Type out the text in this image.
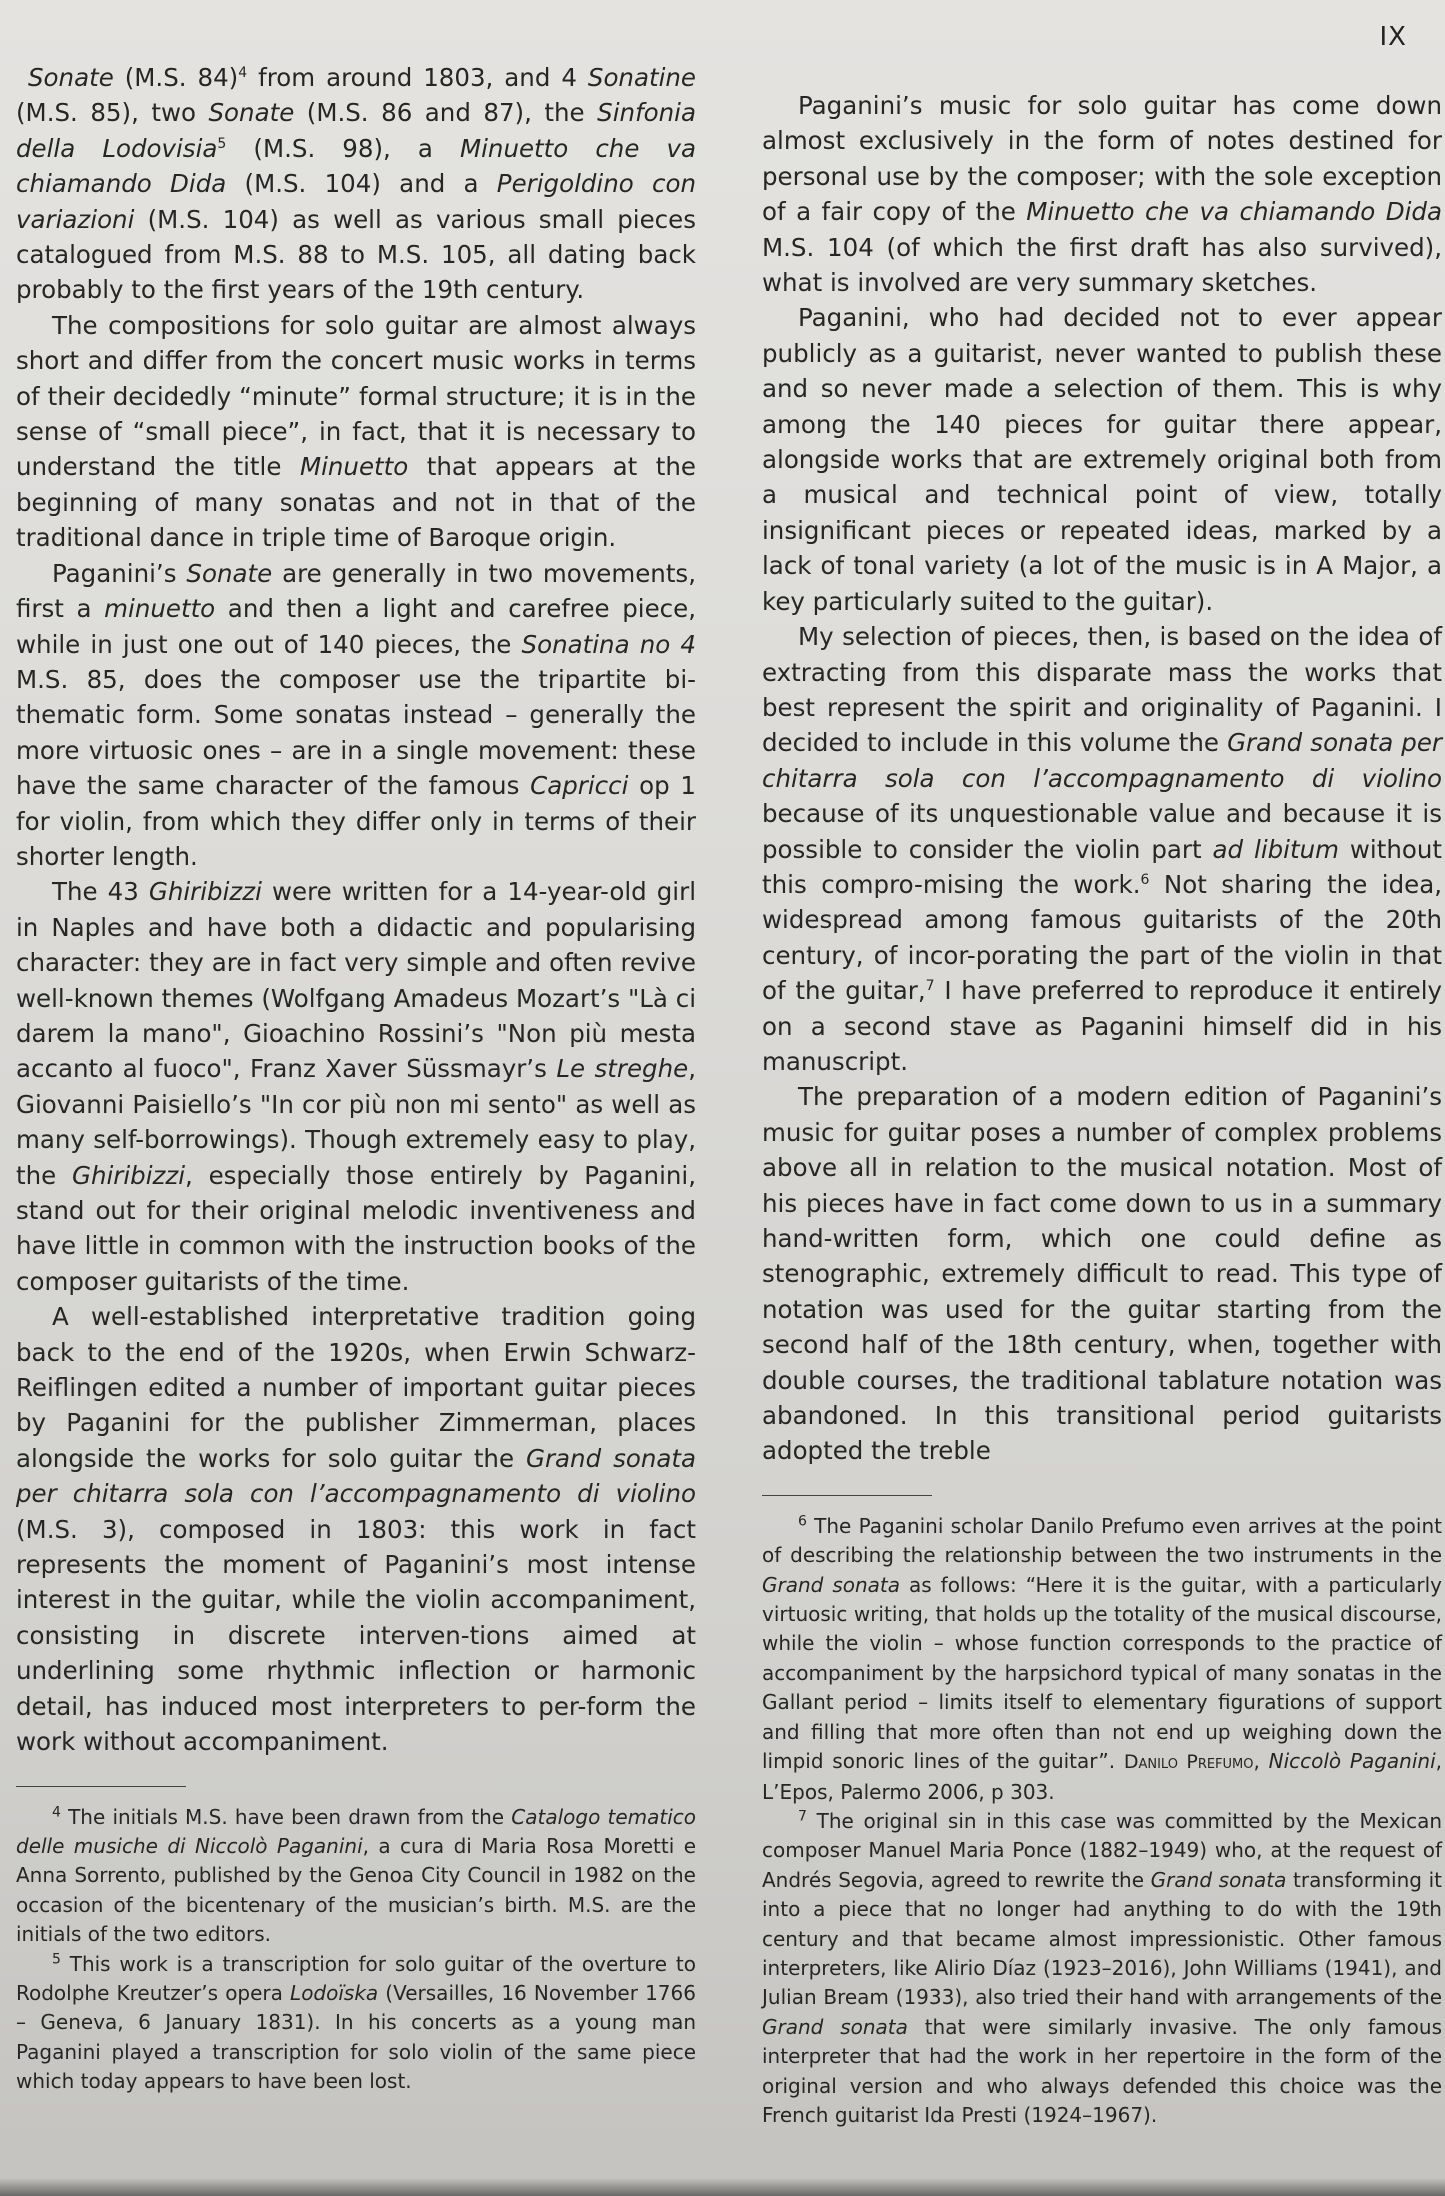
IX

Sonate (M.S. 84)$^4$ from around 1803, and 4 Sonatine (M.S. 85), two Sonate (M.S. 86 and 87), the Sinfonia della Lodovisia$^5$ (M.S. 98), a Minuetto che va chiamando Dida (M.S. 104) and a Perigoldino con variazioni (M.S. 104) as well as various small pieces catalogued from M.S. 88 to M.S. 105, all dating back probably to the first years of the 19th century.

The compositions for solo guitar are almost always short and differ from the concert music works in terms of their decidedly “minute” formal structure; it is in the sense of “small piece”, in fact, that it is necessary to understand the title Minuetto that appears at the beginning of many sonatas and not in that of the traditional dance in triple time of Baroque origin.

Paganini’s Sonate are generally in two movements, first a minuetto and then a light and carefree piece, while in just one out of 140 pieces, the Sonatina no 4 M.S. 85, does the composer use the tripartite bi-thematic form. Some sonatas instead – generally the more virtuosic ones – are in a single movement: these have the same character of the famous Capricci op 1 for violin, from which they differ only in terms of their shorter length.

The 43 Ghiribizzi were written for a 14-year-old girl in Naples and have both a didactic and popularising character: they are in fact very simple and often revive well-known themes (Wolfgang Amadeus Mozart’s "Là ci darem la mano", Gioachino Rossini’s "Non più mesta accanto al fuoco", Franz Xaver Süssmayr’s Le streghe, Giovanni Paisiello’s "In cor più non mi sento" as well as many self-borrowings). Though extremely easy to play, the Ghiribizzi, especially those entirely by Paganini, stand out for their original melodic inventiveness and have little in common with the instruction books of the composer guitarists of the time.

A well-established interpretative tradition going back to the end of the 1920s, when Erwin Schwarz-Reiflingen edited a number of important guitar pieces by Paganini for the publisher Zimmerman, places alongside the works for solo guitar the Grand sonata per chitarra sola con l’accompagnamento di violino (M.S. 3), composed in 1803: this work in fact represents the moment of Paganini’s most intense interest in the guitar, while the violin accompaniment, consisting in discrete interven-tions aimed at underlining some rhythmic inflection or harmonic detail, has induced most interpreters to per-form the work without accompaniment.

$^4$ The initials M.S. have been drawn from the Catalogo tematico delle musiche di Niccolò Paganini, a cura di Maria Rosa Moretti e Anna Sorrento, published by the Genoa City Council in 1982 on the occasion of the bicentenary of the musician’s birth. M.S. are the initials of the two editors.

$^5$ This work is a transcription for solo guitar of the overture to Rodolphe Kreutzer’s opera Lodoïska (Versailles, 16 November 1766 – Geneva, 6 January 1831). In his concerts as a young man Paganini played a transcription for solo violin of the same piece which today appears to have been lost.

Paganini’s music for solo guitar has come down almost exclusively in the form of notes destined for personal use by the composer; with the sole exception of a fair copy of the Minuetto che va chiamando Dida M.S. 104 (of which the first draft has also survived), what is involved are very summary sketches.

Paganini, who had decided not to ever appear publicly as a guitarist, never wanted to publish these and so never made a selection of them. This is why among the 140 pieces for guitar there appear, alongside works that are extremely original both from a musical and technical point of view, totally insignificant pieces or repeated ideas, marked by a lack of tonal variety (a lot of the music is in A Major, a key particularly suited to the guitar).

My selection of pieces, then, is based on the idea of extracting from this disparate mass the works that best represent the spirit and originality of Paganini. I decided to include in this volume the Grand sonata per chitarra sola con l’accompagnamento di violino because of its unquestionable value and because it is possible to consider the violin part ad libitum without this compro-mising the work.$^6$ Not sharing the idea, widespread among famous guitarists of the 20th century, of incor-porating the part of the violin in that of the guitar,$^7$ I have preferred to reproduce it entirely on a second stave as Paganini himself did in his manuscript.

The preparation of a modern edition of Paganini’s music for guitar poses a number of complex problems above all in relation to the musical notation. Most of his pieces have in fact come down to us in a summary hand-written form, which one could define as stenographic, extremely difficult to read. This type of notation was used for the guitar starting from the second half of the 18th century, when, together with double courses, the traditional tablature notation was abandoned. In this transitional period guitarists adopted the treble

$^6$ The Paganini scholar Danilo Prefumo even arrives at the point of describing the relationship between the two instruments in the Grand sonata as follows: “Here it is the guitar, with a particularly virtuosic writing, that holds up the totality of the musical discourse, while the violin – whose function corresponds to the practice of accompaniment by the harpsichord typical of many sonatas in the Gallant period – limits itself to elementary figurations of support and filling that more often than not end up weighing down the limpid sonoric lines of the guitar”. Danilo Prefumo, Niccolò Paganini, L’Epos, Palermo 2006, p 303.

$^7$ The original sin in this case was committed by the Mexican composer Manuel Maria Ponce (1882–1949) who, at the request of Andrés Segovia, agreed to rewrite the Grand sonata transforming it into a piece that no longer had anything to do with the 19th century and that became almost impressionistic. Other famous interpreters, like Alirio Díaz (1923–2016), John Williams (1941), and Julian Bream (1933), also tried their hand with arrangements of the Grand sonata that were similarly invasive. The only famous interpreter that had the work in her repertoire in the form of the original version and who always defended this choice was the French guitarist Ida Presti (1924–1967).
